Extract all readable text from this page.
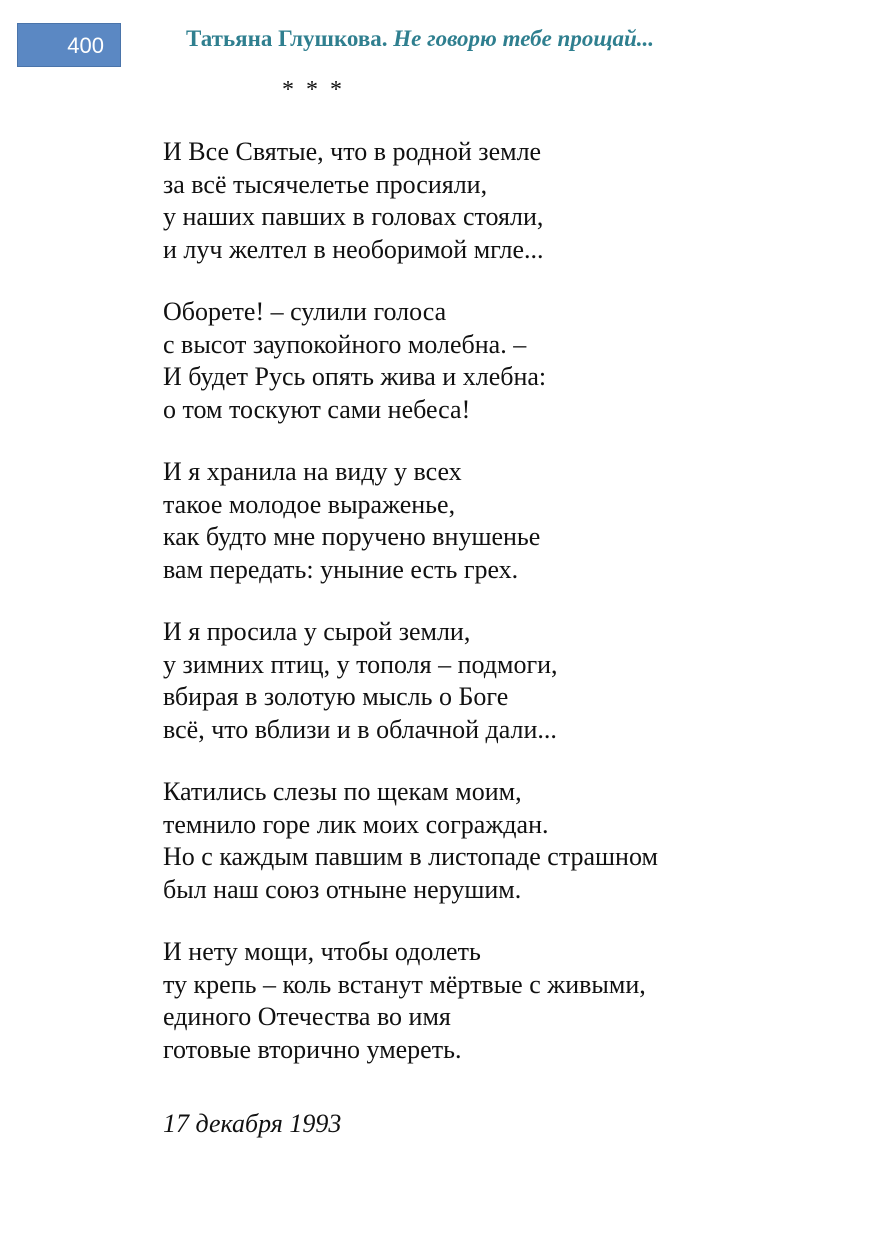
400	Татьяна Глушкова. Не говорю тебе прощай...
* * *
И Все Святые, что в родной земле
за всё тысячелетье просияли,
у наших павших в головах стояли,
и луч желтел в необоримой мгле...
Оборете! – сулили голоса
с высот заупокойного молебна. –
И будет Русь опять жива и хлебна:
о том тоскуют сами небеса!
И я хранила на виду у всех
такое молодое выраженье,
как будто мне поручено внушенье
вам передать: уныние есть грех.
И я просила у сырой земли,
у зимних птиц, у тополя – подмоги,
вбирая в золотую мысль о Боге
всё, что вблизи и в облачной дали...
Катились слезы по щекам моим,
темнило горе лик моих сограждан.
Но с каждым павшим в листопаде страшном
был наш союз отныне нерушим.
И нету мощи, чтобы одолеть
ту крепь – коль встанут мёртвые с живыми,
единого Отечества во имя
готовые вторично умереть.
17 декабря 1993
